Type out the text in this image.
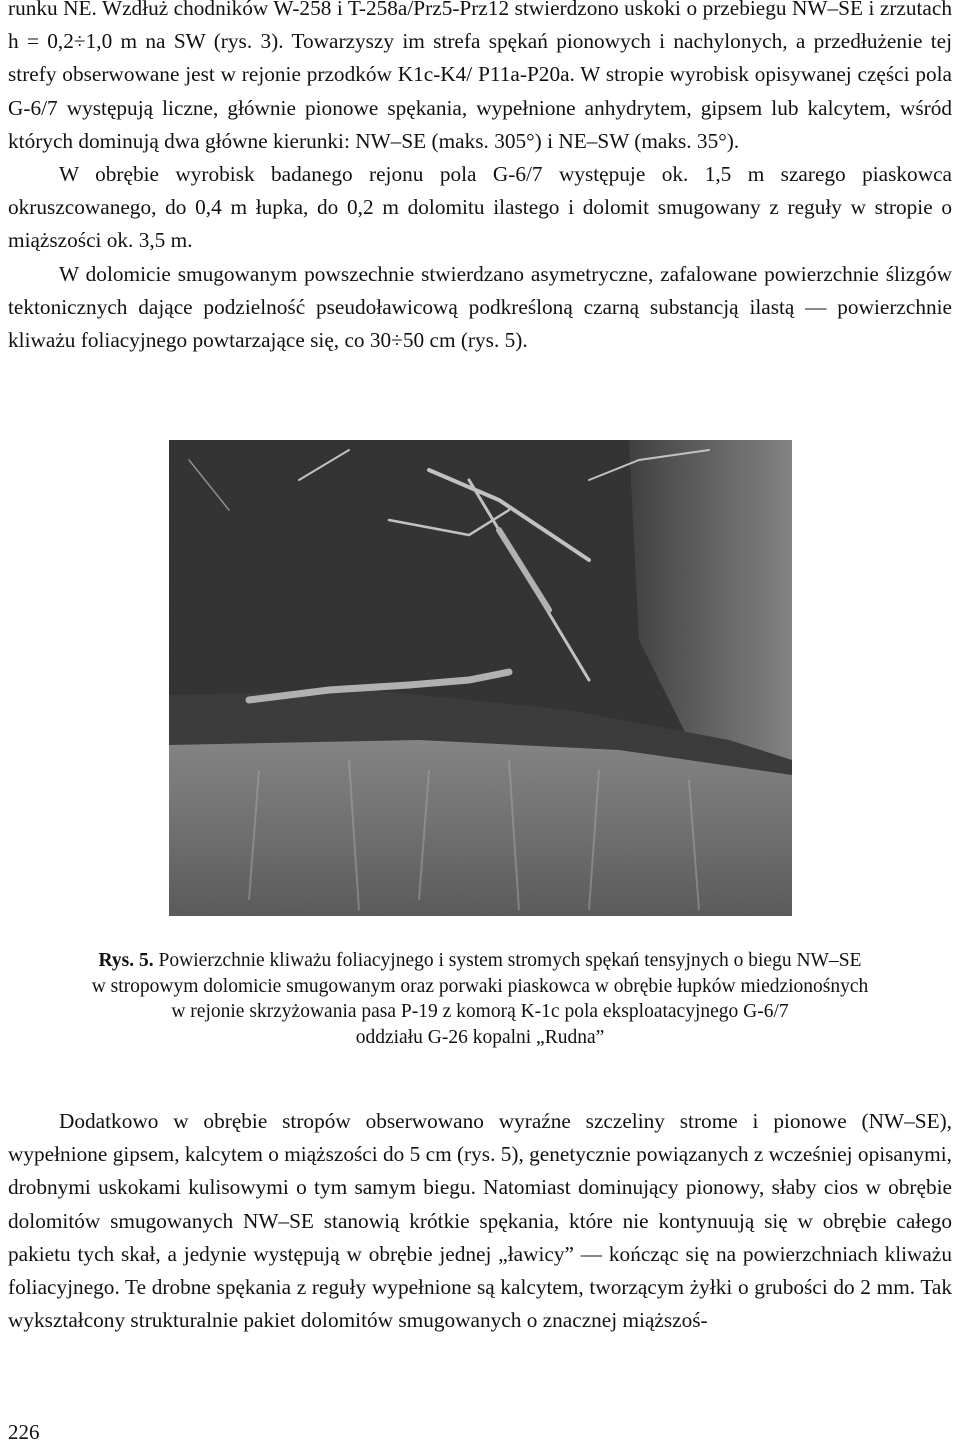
runku NE. Wzdłuż chodników W-258 i T-258a/Prz5-Prz12 stwierdzono uskoki o przebiegu NW–SE i zrzutach h = 0,2÷1,0 m na SW (rys. 3). Towarzyszy im strefa spękań pionowych i nachylonych, a przedłużenie tej strefy obserwowane jest w rejonie przodków K1c-K4/ P11a-P20a. W stropie wyrobisk opisywanej części pola G-6/7 występują liczne, głównie pionowe spękania, wypełnione anhydrytem, gipsem lub kalcytem, wśród których dominują dwa główne kierunki: NW–SE (maks. 305°) i NE–SW (maks. 35°).

W obrębie wyrobisk badanego rejonu pola G-6/7 występuje ok. 1,5 m szarego piaskowca okruszcowanego, do 0,4 m łupka, do 0,2 m dolomitu ilastego i dolomit smugowany z reguły w stropie o miąższości ok. 3,5 m.

W dolomicie smugowanym powszechnie stwierdzano asymetryczne, zafalowane powierzchnie ślizgów tektonicznych dające podzielność pseudoławicową podkreśloną czarną substancją ilastą — powierzchnie kliważu foliacyjnego powtarzające się, co 30÷50 cm (rys. 5).

Rys. 5. Powierzchnie kliważu foliacyjnego i system stromych spękań tensyjnych o biegu NW–SE
w stropowym dolomicie smugowanym oraz porwaki piaskowca w obrębie łupków miedzionośnych
w rejonie skrzyżowania pasa P-19 z komorą K-1c pola eksploatacyjnego G-6/7
oddziału G-26 kopalni „Rudna”

Dodatkowo w obrębie stropów obserwowano wyraźne szczeliny strome i pionowe (NW–SE), wypełnione gipsem, kalcytem o miąższości do 5 cm (rys. 5), genetycznie powiązanych z wcześniej opisanymi, drobnymi uskokami kulisowymi o tym samym biegu. Natomiast dominujący pionowy, słaby cios w obrębie dolomitów smugowanych NW–SE stanowią krótkie spękania, które nie kontynuują się w obrębie całego pakietu tych skał, a jedynie występują w obrębie jednej „ławicy” — kończąc się na powierzchniach kliważu foliacyjnego. Te drobne spękania z reguły wypełnione są kalcytem, tworzącym żyłki o grubości do 2 mm. Tak wykształcony strukturalnie pakiet dolomitów smugowanych o znacznej miąższoś-

226
